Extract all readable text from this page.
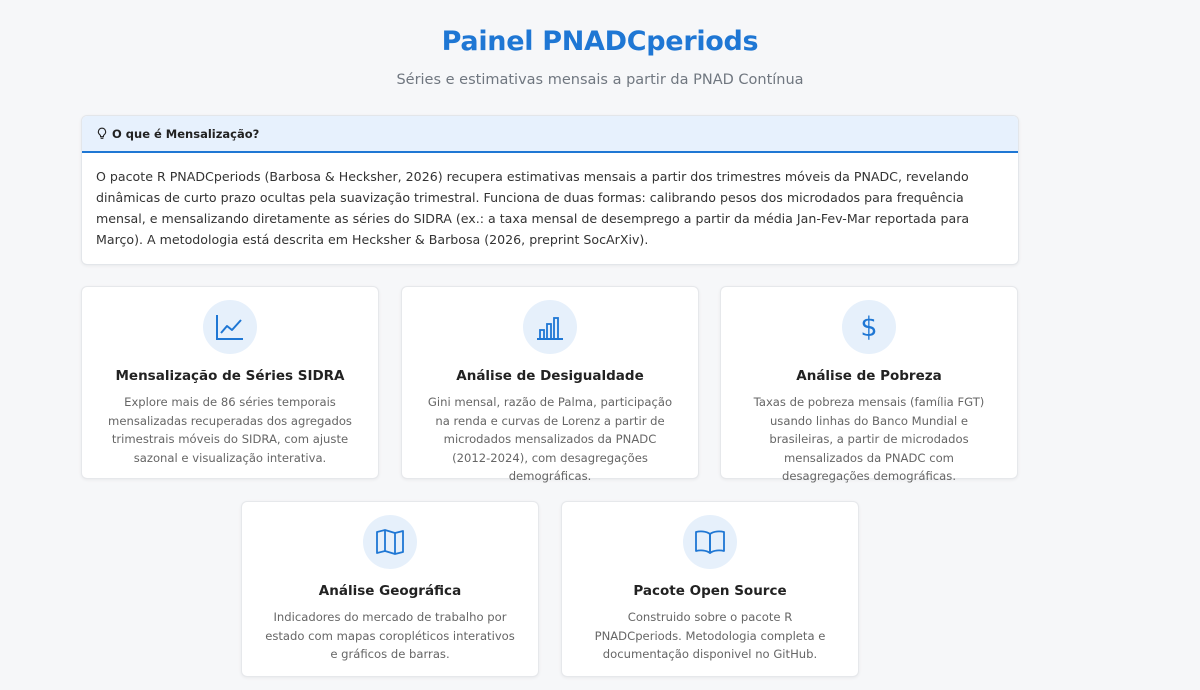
Painel PNADCperiods
Séries e estimativas mensais a partir da PNAD Contínua
O que é Mensalização?
O pacote R PNADCperiods (Barbosa & Hecksher, 2026) recupera estimativas mensais a partir dos trimestres móveis da PNADC, revelando dinâmicas de curto prazo ocultas pela suavização trimestral. Funciona de duas formas: calibrando pesos dos microdados para frequência mensal, e mensalizando diretamente as séries do SIDRA (ex.: a taxa mensal de desemprego a partir da média Jan-Fev-Mar reportada para Março). A metodologia está descrita em Hecksher & Barbosa (2026, preprint SocArXiv).
Mensalização de Séries SIDRA

Explore mais de 86 séries temporais mensalizadas recuperadas dos agregados trimestrais móveis do SIDRA, com ajuste sazonal e visualização interativa.

Análise de Desigualdade

Gini mensal, razão de Palma, participação na renda e curvas de Lorenz a partir de microdados mensalizados da PNADC (2012-2024), com desagregações demográficas.

$
Análise de Pobreza

Taxas de pobreza mensais (família FGT) usando linhas do Banco Mundial e brasileiras, a partir de microdados mensalizados da PNADC com desagregações demográficas.

Análise Geográfica

Indicadores do mercado de trabalho por estado com mapas coropléticos interativos e gráficos de barras.

Pacote Open Source

Construido sobre o pacote R PNADCperiods. Metodologia completa e documentação disponivel no GitHub.
